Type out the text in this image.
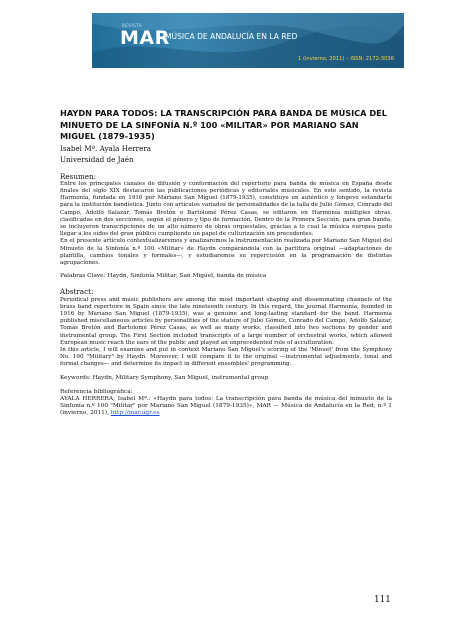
REVISTA
MAR
MÚSICA DE ANDALUCÍA EN LA RED
1 (invierno, 2011) – ISSN: 2172-3036

HAYDN PARA TODOS: LA TRANSCRIPCIÓN PARA BANDA DE MÚSICA DEL MINUETO DE LA SINFONÍA N.º 100 «MILITAR» POR MARIANO SAN MIGUEL (1879-1935)

Isabel Mª. Ayala Herrera
Universidad de Jaén
Resumen:

Entre los principales canales de difusión y conformación del repertorio para banda de música en España desde finales del siglo XIX destacaron las publicaciones periódicas y editoriales musicales. En este sentido, la revista Harmonía, fundada en 1916 por Mariano San Miguel (1879-1935), constituye un auténtico y longevo estandarte para la institución bandística. Junto con artículos variados de personalidades de la talla de Julio Gómez, Conrado del Campo, Adolfo Salazar, Tomás Bretón o Bartolomé Pérez Casas, se editaron en Harmonía múltiples obras, clasificadas en dos secciones, según el género y tipo de formación. Dentro de la Primera Sección, para gran banda, se incluyeron transcripciones de un alto número de obras orquestales, gracias a lo cual la música europea pudo llegar a los oídos del gran público cumpliendo un papel de culturización sin precedentes.

En el presente artículo contextualizaremos y analizaremos la instrumentación realizada por Mariano San Miguel del Minueto de la Sinfonía n.º 100 «Militar» de Haydn comparándola con la partitura original —adaptaciones de plantilla, cambios tonales y formales—, y estudiaremos su repercusión en la programación de distintas agrupaciones.

Palabras Clave: Haydn, Sinfonía Militar, San Miguel, banda de música
Abstract:

Periodical press and music publishers are among the most important shaping and disseminating channels of the brass band repertoire in Spain since the late nineteenth century. In this regard, the journal Harmonía, founded in 1916 by Mariano San Miguel (1879-1935), was a genuine and long-lasting standard for the band. Harmonía published miscellaneous articles by personalities of the stature of Julio Gómez, Conrado del Campo, Adolfo Salazar, Tomás Bretón and Bartolomé Pérez Casas, as well as many works, classified into two sections by gender and instrumental group. The First Section included transcripts of a large number of orchestral works, which allowed European music reach the ears of the public and played an unprecedented role of acculturation.

In this article, I will examine and put in context Mariano San Miguel's scoring of the 'Minuet' from the Symphony No. 100 "Military" by Haydn. Moreover, I will compare it to the original —instrumental adjustments, tonal and formal changes— and determine its impact in different ensembles' programming.

Keywords: Haydn, Military Symphony, San Miguel, instrumental group
Referencia bibliográfica:
AYALA HERRERA, Isabel Mª.: «Haydn para todos: La transcripción para banda de música del minueto de la Sinfonía n.º 100 "Militar" por Mariano San Miguel (1879-1935)», MAR — Música de Andalucía en la Red, n.º 1 (invierno, 2011), http://mar.ugr.es
111
